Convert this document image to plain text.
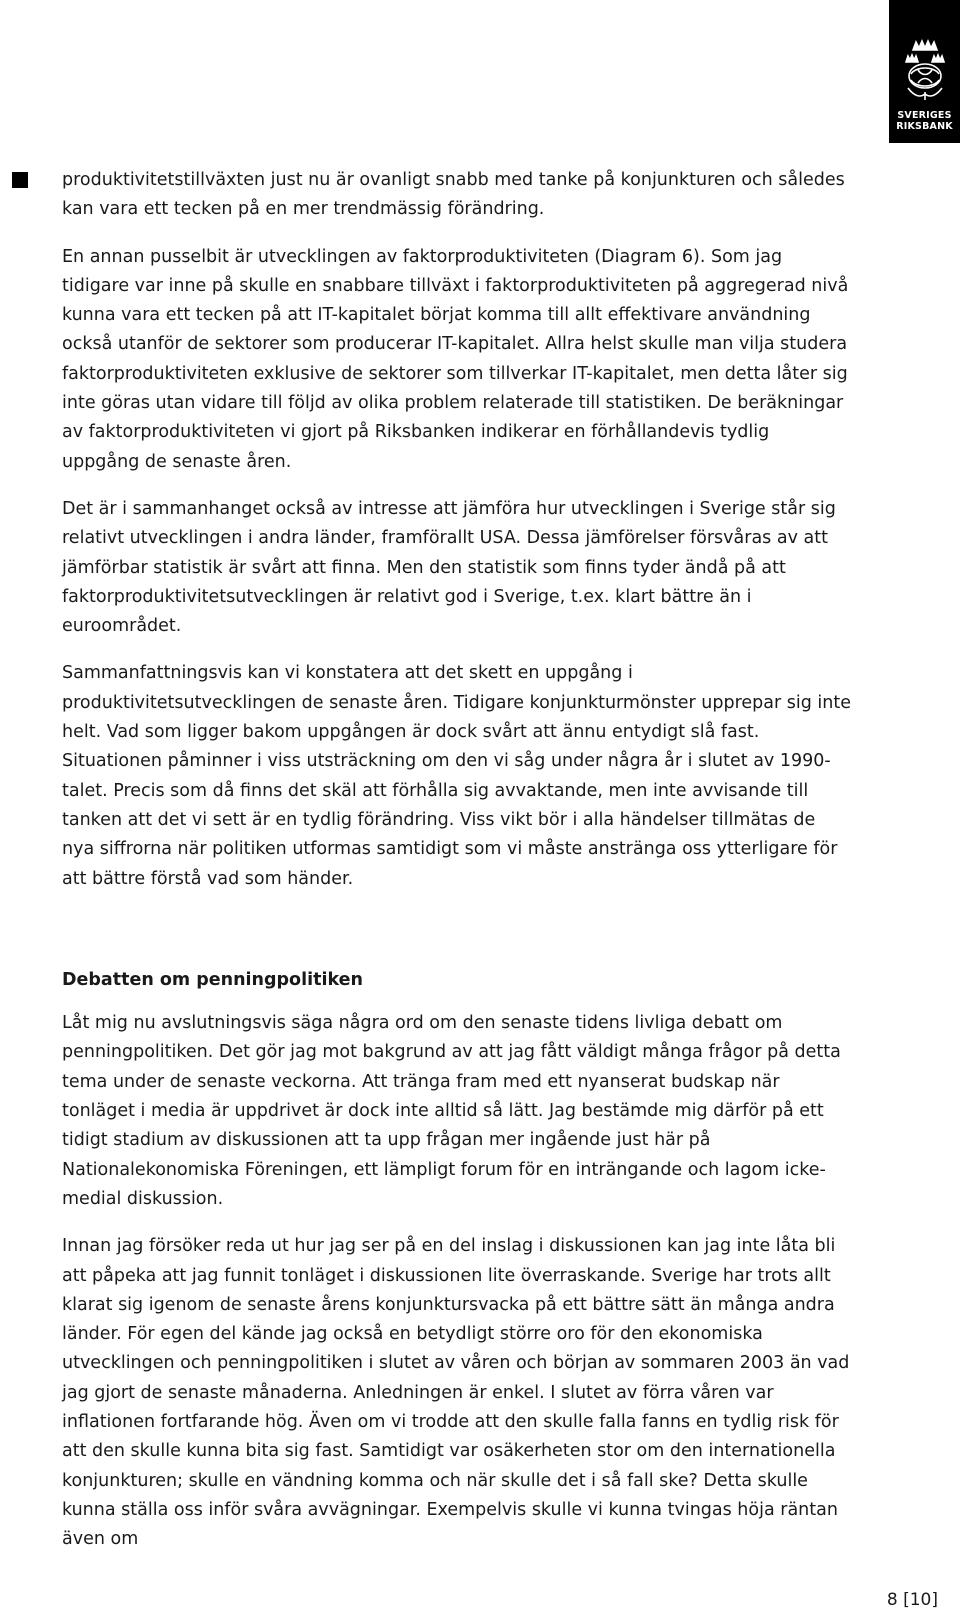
SVERIGES
RIKSBANK

produktivitetstillväxten just nu är ovanligt snabb med tanke på konjunkturen och således kan vara ett tecken på en mer trendmässig förändring.

En annan pusselbit är utvecklingen av faktorproduktiviteten (Diagram 6). Som jag tidigare var inne på skulle en snabbare tillväxt i faktorproduktiviteten på aggregerad nivå kunna vara ett tecken på att IT-kapitalet börjat komma till allt effektivare användning också utanför de sektorer som producerar IT-kapitalet. Allra helst skulle man vilja studera faktorproduktiviteten exklusive de sektorer som tillverkar IT-kapitalet, men detta låter sig inte göras utan vidare till följd av olika problem relaterade till statistiken. De beräkningar av faktorproduktiviteten vi gjort på Riksbanken indikerar en förhållandevis tydlig uppgång de senaste åren.

Det är i sammanhanget också av intresse att jämföra hur utvecklingen i Sverige står sig relativt utvecklingen i andra länder, framförallt USA. Dessa jämförelser försvåras av att jämförbar statistik är svårt att finna. Men den statistik som finns tyder ändå på att faktorproduktivitetsutvecklingen är relativt god i Sverige, t.ex. klart bättre än i euroområdet.

Sammanfattningsvis kan vi konstatera att det skett en uppgång i produktivitetsutvecklingen de senaste åren. Tidigare konjunkturmönster upprepar sig inte helt. Vad som ligger bakom uppgången är dock svårt att ännu entydigt slå fast. Situationen påminner i viss utsträckning om den vi såg under några år i slutet av 1990-talet. Precis som då finns det skäl att förhålla sig avvaktande, men inte avvisande till tanken att det vi sett är en tydlig förändring. Viss vikt bör i alla händelser tillmätas de nya siffrorna när politiken utformas samtidigt som vi måste anstränga oss ytterligare för att bättre förstå vad som händer.

Debatten om penningpolitiken

Låt mig nu avslutningsvis säga några ord om den senaste tidens livliga debatt om penningpolitiken. Det gör jag mot bakgrund av att jag fått väldigt många frågor på detta tema under de senaste veckorna. Att tränga fram med ett nyanserat budskap när tonläget i media är uppdrivet är dock inte alltid så lätt. Jag bestämde mig därför på ett tidigt stadium av diskussionen att ta upp frågan mer ingående just här på Nationalekonomiska Föreningen, ett lämpligt forum för en inträngande och lagom icke-medial diskussion.

Innan jag försöker reda ut hur jag ser på en del inslag i diskussionen kan jag inte låta bli att påpeka att jag funnit tonläget i diskussionen lite överraskande. Sverige har trots allt klarat sig igenom de senaste årens konjunktursvacka på ett bättre sätt än många andra länder. För egen del kände jag också en betydligt större oro för den ekonomiska utvecklingen och penningpolitiken i slutet av våren och början av sommaren 2003 än vad jag gjort de senaste månaderna. Anledningen är enkel. I slutet av förra våren var inflationen fortfarande hög. Även om vi trodde att den skulle falla fanns en tydlig risk för att den skulle kunna bita sig fast. Samtidigt var osäkerheten stor om den internationella konjunkturen; skulle en vändning komma och när skulle det i så fall ske? Detta skulle kunna ställa oss inför svåra avvägningar. Exempelvis skulle vi kunna tvingas höja räntan även om

8 [10]
